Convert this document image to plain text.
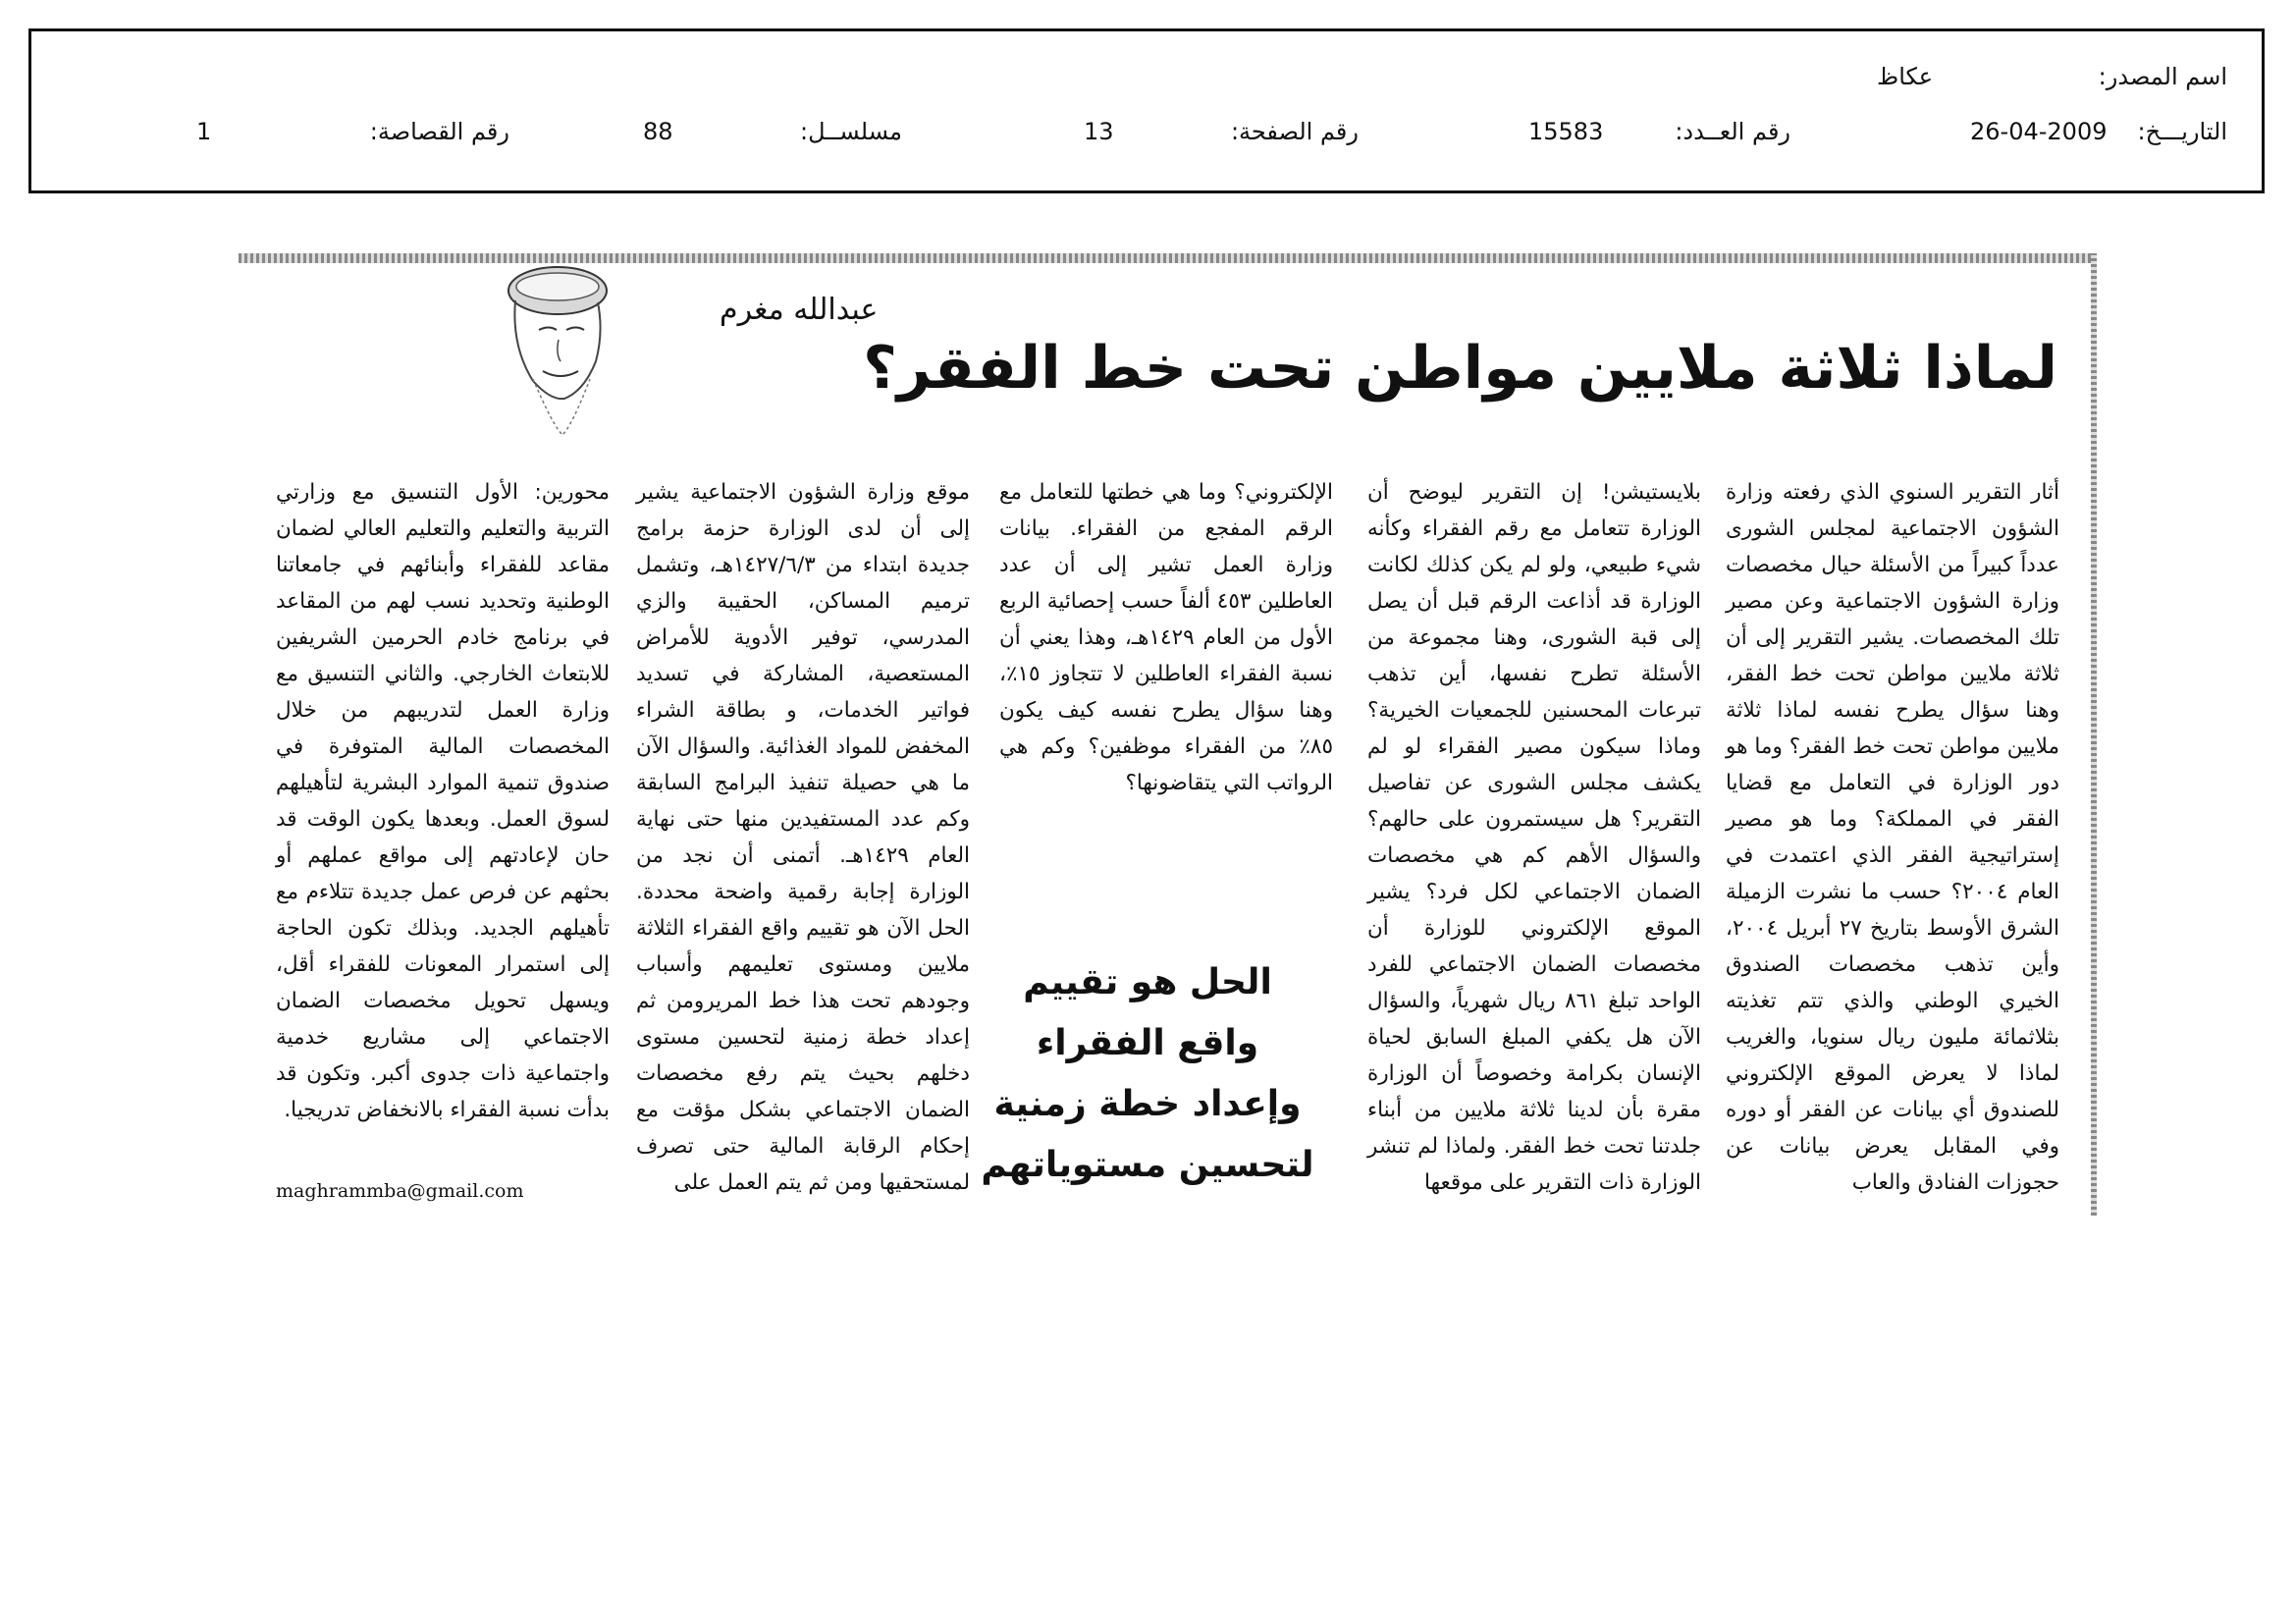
اسم المصدر:
عكاظ
التاريـــخ:
26-04-2009
رقم العــدد:
15583
رقم الصفحة:
13
مسلســل:
88
رقم القصاصة:
1
عبدالله مغرم
لماذا ثلاثة ملايين مواطن تحت خط الفقر؟

أثار التقرير السنوي الذي رفعته وزارة الشؤون الاجتماعية لمجلس الشورى عدداً كبيراً من الأسئلة حيال مخصصات وزارة الشؤون الاجتماعية وعن مصير تلك المخصصات. يشير التقرير إلى أن ثلاثة ملايين مواطن تحت خط الفقر، وهنا سؤال يطرح نفسه لماذا ثلاثة ملايين مواطن تحت خط الفقر؟ وما هو دور الوزارة في التعامل مع قضايا الفقر في المملكة؟ وما هو مصير إستراتيجية الفقر الذي اعتمدت في العام ٢٠٠٤؟ حسب ما نشرت الزميلة الشرق الأوسط بتاريخ ٢٧ أبريل ٢٠٠٤، وأين تذهب مخصصات الصندوق الخيري الوطني والذي تتم تغذيته بثلاثمائة مليون ريال سنويا، والغريب لماذا لا يعرض الموقع الإلكتروني للصندوق أي بيانات عن الفقر أو دوره وفي المقابل يعرض بيانات عن حجوزات الفنادق والعاب

بلايستيشن! إن التقرير ليوضح أن الوزارة تتعامل مع رقم الفقراء وكأنه شيء طبيعي، ولو لم يكن كذلك لكانت الوزارة قد أذاعت الرقم قبل أن يصل إلى قبة الشورى، وهنا مجموعة من الأسئلة تطرح نفسها، أين تذهب تبرعات المحسنين للجمعيات الخيرية؟ وماذا سيكون مصير الفقراء لو لم يكشف مجلس الشورى عن تفاصيل التقرير؟ هل سيستمرون على حالهم؟ والسؤال الأهم كم هي مخصصات الضمان الاجتماعي لكل فرد؟ يشير الموقع الإلكتروني للوزارة أن مخصصات الضمان الاجتماعي للفرد الواحد تبلغ ٨٦١ ريال شهرياً، والسؤال الآن هل يكفي المبلغ السابق لحياة الإنسان بكرامة وخصوصاً أن الوزارة مقرة بأن لدينا ثلاثة ملايين من أبناء جلدتنا تحت خط الفقر. ولماذا لم تنشر الوزارة ذات التقرير على موقعها

الإلكتروني؟ وما هي خطتها للتعامل مع الرقم المفجع من الفقراء. بيانات وزارة العمل تشير إلى أن عدد العاطلين ٤٥٣ ألفاً حسب إحصائية الربع الأول من العام ١٤٢٩هـ، وهذا يعني أن نسبة الفقراء العاطلين لا تتجاوز ١٥٪، وهنا سؤال يطرح نفسه كيف يكون ٨٥٪ من الفقراء موظفين؟ وكم هي الرواتب التي يتقاضونها؟

موقع وزارة الشؤون الاجتماعية يشير إلى أن لدى الوزارة حزمة برامج جديدة ابتداء من ١٤٢٧/٦/٣هـ، وتشمل ترميم المساكن، الحقيبة والزي المدرسي، توفير الأدوية للأمراض المستعصية، المشاركة في تسديد فواتير الخدمات، و بطاقة الشراء المخفض للمواد الغذائية. والسؤال الآن ما هي حصيلة تنفيذ البرامج السابقة وكم عدد المستفيدين منها حتى نهاية العام ١٤٢٩هـ. أتمنى أن نجد من الوزارة إجابة رقمية واضحة محددة. الحل الآن هو تقييم واقع الفقراء الثلاثة ملايين ومستوى تعليمهم وأسباب وجودهم تحت هذا خط المريرومن ثم إعداد خطة زمنية لتحسين مستوى دخلهم بحيث يتم رفع مخصصات الضمان الاجتماعي بشكل مؤقت مع إحكام الرقابة المالية حتى تصرف لمستحقيها ومن ثم يتم العمل على

محورين: الأول التنسيق مع وزارتي التربية والتعليم والتعليم العالي لضمان مقاعد للفقراء وأبنائهم في جامعاتنا الوطنية وتحديد نسب لهم من المقاعد في برنامج خادم الحرمين الشريفين للابتعاث الخارجي. والثاني التنسيق مع وزارة العمل لتدريبهم من خلال المخصصات المالية المتوفرة في صندوق تنمية الموارد البشرية لتأهيلهم لسوق العمل. وبعدها يكون الوقت قد حان لإعادتهم إلى مواقع عملهم أو بحثهم عن فرص عمل جديدة تتلاءم مع تأهيلهم الجديد. وبذلك تكون الحاجة إلى استمرار المعونات للفقراء أقل، ويسهل تحويل مخصصات الضمان الاجتماعي إلى مشاريع خدمية واجتماعية ذات جدوى أكبر. وتكون قد بدأت نسبة الفقراء بالانخفاض تدريجيا.

الحل هو تقييم واقع الفقراء وإعداد خطة زمنية لتحسين مستوياتهم
maghrammba@gmail.com
